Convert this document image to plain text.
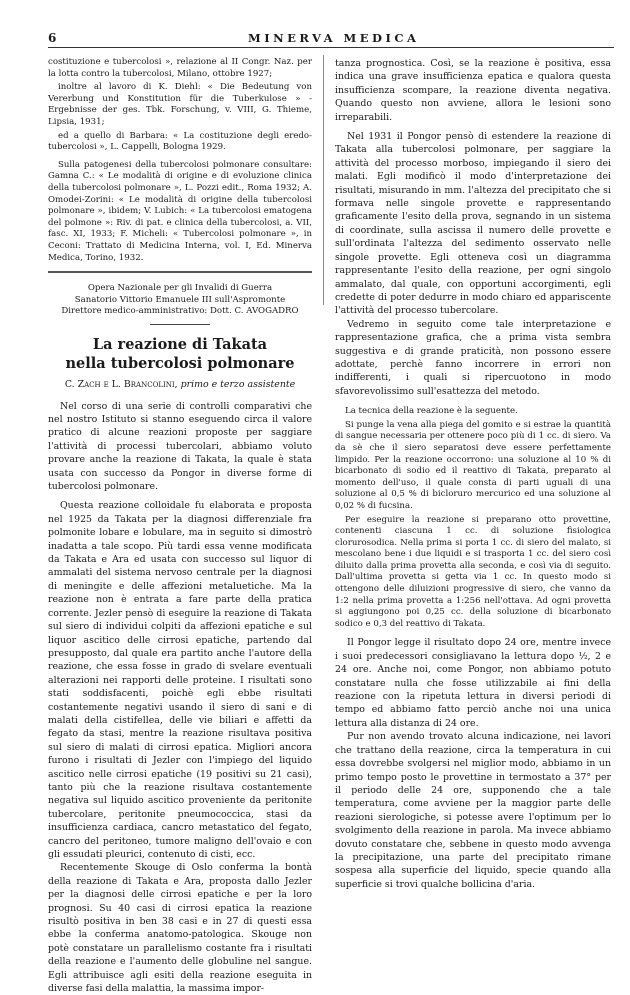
6	MINERVA MEDICA

costituzione e tubercolosi », relazione al II Congr. Naz. per la lotta contro la tubercolosi, Milano, ottobre 1927;

inoltre al lavoro di K. Diehl: « Die Bedeutung von Vererbung und Konstitution für die Tuberkulose » - Ergebnisse der ges. Tbk. Forschung, v. VIII, G. Thieme, Lipsia, 1931;

ed a quello di Barbara: « La costituzione degli eredo-tubercolosi », L. Cappelli, Bologna 1929.

Sulla patogenesi della tubercolosi polmonare consultare: Gamna C.: « Le modalità di origine e di evoluzione clinica della tubercolosi polmonare », L. Pozzi edit., Roma 1932; A. Omodei-Zorini: « Le modalità di origine della tubercolosi polmonare », ibidem; V. Lubich: « La tubercolosi ematogena del polmone »: Riv. di pat. e clinica della tubercolosi, a. VII, fasc. XI, 1933; F. Micheli: « Tubercolosi polmonare », in Ceconi: Trattato di Medicina Interna, vol. I, Ed. Minerva Medica, Torino, 1932.

Opera Nazionale per gli Invalidi di Guerra
Sanatorio Vittorio Emanuele III sull'Aspromonte
Direttore medico-amministrativo: Dott. C. AVOGADRO
La reazione di Takata
nella tubercolosi polmonare
C. Zach e L. Brancolini, primo e terzo assistente

Nel corso di una serie di controlli comparativi che nel nostro Istituto si stanno eseguendo circa il valore pratico di alcune reazioni proposte per saggiare l'attività di processi tubercolari, abbiamo voluto provare anche la reazione di Takata, la quale è stata usata con successo da Pongor in diverse forme di tubercolosi polmonare.

Questa reazione colloidale fu elaborata e proposta nel 1925 da Takata per la diagnosi differenziale fra polmonite lobare e lobulare, ma in seguito si dimostrò inadatta a tale scopo. Più tardi essa venne modificata da Takata e Ara ed usata con successo sul liquor di ammalati del sistema nervoso centrale per la diagnosi di meningite e delle affezioni metaluetiche. Ma la reazione non è entrata a fare parte della pratica corrente. Jezler pensò di eseguire la reazione di Takata sul siero di individui colpiti da affezioni epatiche e sul liquor ascitico delle cirrosi epatiche, partendo dal presupposto, dal quale era partito anche l'autore della reazione, che essa fosse in grado di svelare eventuali alterazioni nei rapporti delle proteine. I risultati sono stati soddisfacenti, poichè egli ebbe risultati costantemente negativi usando il siero di sani e di malati della cistifellea, delle vie biliari e affetti da fegato da stasi, mentre la reazione risultava positiva sul siero di malati di cirrosi epatica. Migliori ancora furono i risultati di Jezler con l'impiego del liquido ascitico nelle cirrosi epatiche (19 positivi su 21 casi), tanto più che la reazione risultava costantemente negativa sul liquido ascitico proveniente da peritonite tubercolare, peritonite pneumococcica, stasi da insufficienza cardiaca, cancro metastatico del fegato, cancro del peritoneo, tumore maligno dell'ovaio e con gli essudati pleurici, contenuto di cisti, ecc.

Recentemente Skouge di Oslo conferma la bontà della reazione di Takata e Ara, proposta dallo Jezler per la diagnosi delle cirrosi epatiche e per la loro prognosi. Su 40 casi di cirrosi epatica la reazione risultò positiva in ben 38 casi e in 27 di questi essa ebbe la conferma anatomo-patologica. Skouge non potè constatare un parallelismo costante fra i risultati della reazione e l'aumento delle globuline nel sangue. Egli attribuisce agli esiti della reazione eseguita in diverse fasi della malattia, la massima impor-

tanza prognostica. Così, se la reazione è positiva, essa indica una grave insufficienza epatica e qualora questa insufficienza scompare, la reazione diventa negativa. Quando questo non avviene, allora le lesioni sono irreparabili.

Nel 1931 il Pongor pensò di estendere la reazione di Takata alla tubercolosi polmonare, per saggiare la attività del processo morboso, impiegando il siero dei malati. Egli modificò il modo d'interpretazione dei risultati, misurando in mm. l'altezza del precipitato che si formava nelle singole provette e rappresentando graficamente l'esito della prova, segnando in un sistema di coordinate, sulla ascissa il numero delle provette e sull'ordinata l'altezza del sedimento osservato nelle singole provette. Egli otteneva così un diagramma rappresentante l'esito della reazione, per ogni singolo ammalato, dal quale, con opportuni accorgimenti, egli credette di poter dedurre in modo chiaro ed appariscente l'attività del processo tubercolare.

Vedremo in seguito come tale interpretazione e rappresentazione grafica, che a prima vista sembra suggestiva e di grande praticità, non possono essere adottate, perchè fanno incorrere in errori non indifferenti, i quali si ripercuotono in modo sfavorevolissimo sull'esattezza del metodo.

La tecnica della reazione è la seguente.

Si punge la vena alla piega del gomito e si estrae la quantità di sangue necessaria per ottenere poco più di 1 cc. di siero. Va da sè che il siero separatosi deve essere perfettamente limpido. Per la reazione occorrono: una soluzione al 10 % di bicarbonato di sodio ed il reattivo di Takata, preparato al momento dell'uso, il quale consta di parti uguali di una soluzione al 0,5 % di bicloruro mercurico ed una soluzione al 0,02 % di fucsina.

Per eseguire la reazione si preparano otto provettine, contenenti ciascuna 1 cc. di soluzione fisiologica clorurosodica. Nella prima si porta 1 cc. di siero del malato, si mescolano bene i due liquidi e si trasporta 1 cc. del siero così diluito dalla prima provetta alla seconda, e così via di seguito. Dall'ultima provetta si getta via 1 cc. In questo modo si ottengono delle diluizioni progressive di siero, che vanno da 1:2 nella prima provetta a 1:256 nell'ottava. Ad ogni provetta si aggiungono poi 0,25 cc. della soluzione di bicarbonato sodico e 0,3 del reattivo di Takata.

Il Pongor legge il risultato dopo 24 ore, mentre invece i suoi predecessori consigliavano la lettura dopo ½, 2 e 24 ore. Anche noi, come Pongor, non abbiamo potuto constatare nulla che fosse utilizzabile ai fini della reazione con la ripetuta lettura in diversi periodi di tempo ed abbiamo fatto perciò anche noi una unica lettura alla distanza di 24 ore.

Pur non avendo trovato alcuna indicazione, nei lavori che trattano della reazione, circa la temperatura in cui essa dovrebbe svolgersi nel miglior modo, abbiamo in un primo tempo posto le provettine in termostato a 37° per il periodo delle 24 ore, supponendo che a tale temperatura, come avviene per la maggior parte delle reazioni sierologiche, si potesse avere l'optimum per lo svolgimento della reazione in parola. Ma invece abbiamo dovuto constatare che, sebbene in questo modo avvenga la precipitazione, una parte del precipitato rimane sospesa alla superficie del liquido, specie quando alla superficie si trovi qualche bollicina d'aria.
